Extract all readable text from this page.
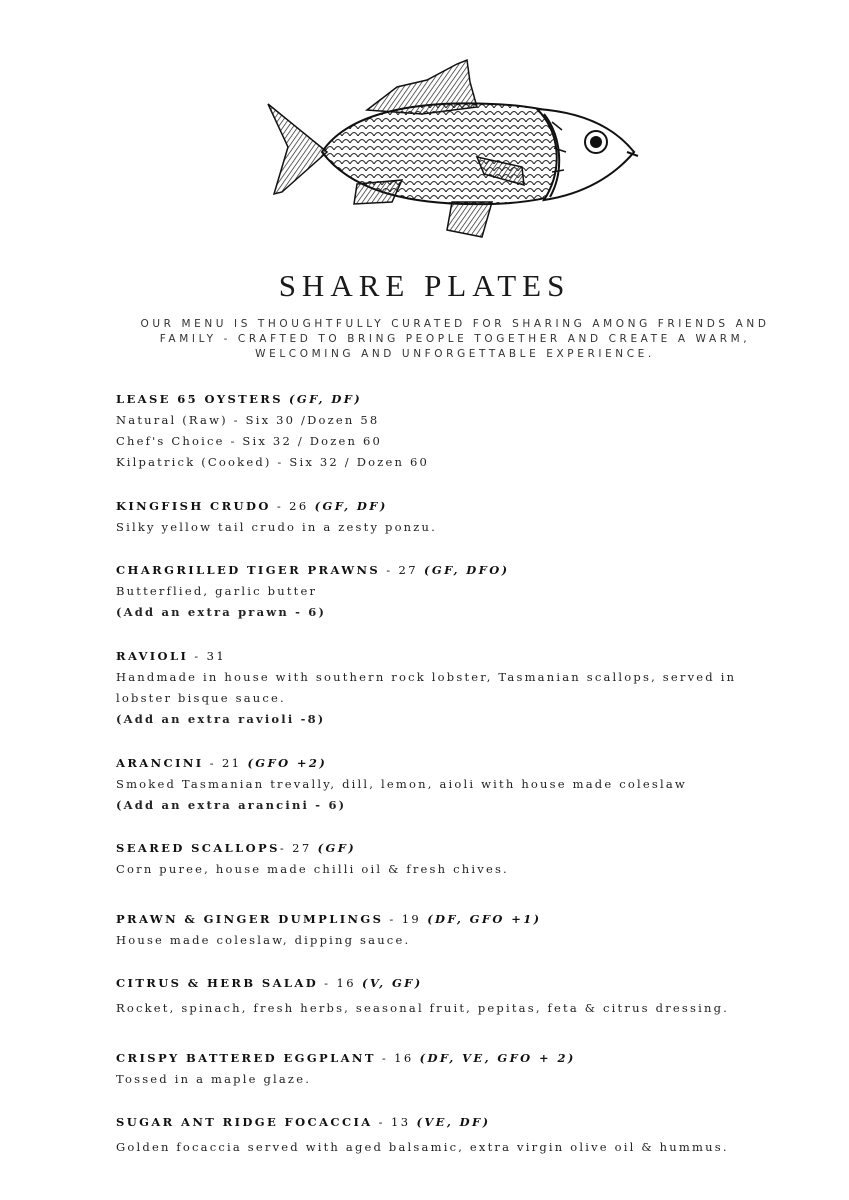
SHARE PLATES
OUR MENU IS THOUGHTFULLY CURATED FOR SHARING AMONG FRIENDS AND FAMILY - CRAFTED TO BRING PEOPLE TOGETHER AND CREATE A WARM, WELCOMING AND UNFORGETTABLE EXPERIENCE.
LEASE 65 OYSTERS (GF, DF)
Natural (Raw) - Six 30 /Dozen 58
Chef's Choice - Six 32 / Dozen 60
Kilpatrick (Cooked) - Six 32 / Dozen 60
KINGFISH CRUDO - 26 (GF, DF)
Silky yellow tail crudo in a zesty ponzu.
CHARGRILLED TIGER PRAWNS - 27 (GF, DFO)
Butterflied, garlic butter
(Add an extra prawn - 6)
RAVIOLI - 31
Handmade in house with southern rock lobster, Tasmanian scallops, served in
lobster bisque sauce.
(Add an extra ravioli -8)
ARANCINI - 21 (GFO +2)
Smoked Tasmanian trevally, dill, lemon, aioli with house made coleslaw
(Add an extra arancini - 6)
SEARED SCALLOPS- 27 (GF)
Corn puree, house made chilli oil & fresh chives.
PRAWN & GINGER DUMPLINGS - 19 (DF, GFO +1)
House made coleslaw, dipping sauce.
CITRUS & HERB SALAD - 16 (V, GF)
Rocket, spinach, fresh herbs, seasonal fruit, pepitas, feta & citrus dressing.
CRISPY BATTERED EGGPLANT - 16 (DF, VE, GFO + 2)
Tossed in a maple glaze.
SUGAR ANT RIDGE FOCACCIA - 13 (VE, DF)
Golden focaccia served with aged balsamic, extra virgin olive oil & hummus.
